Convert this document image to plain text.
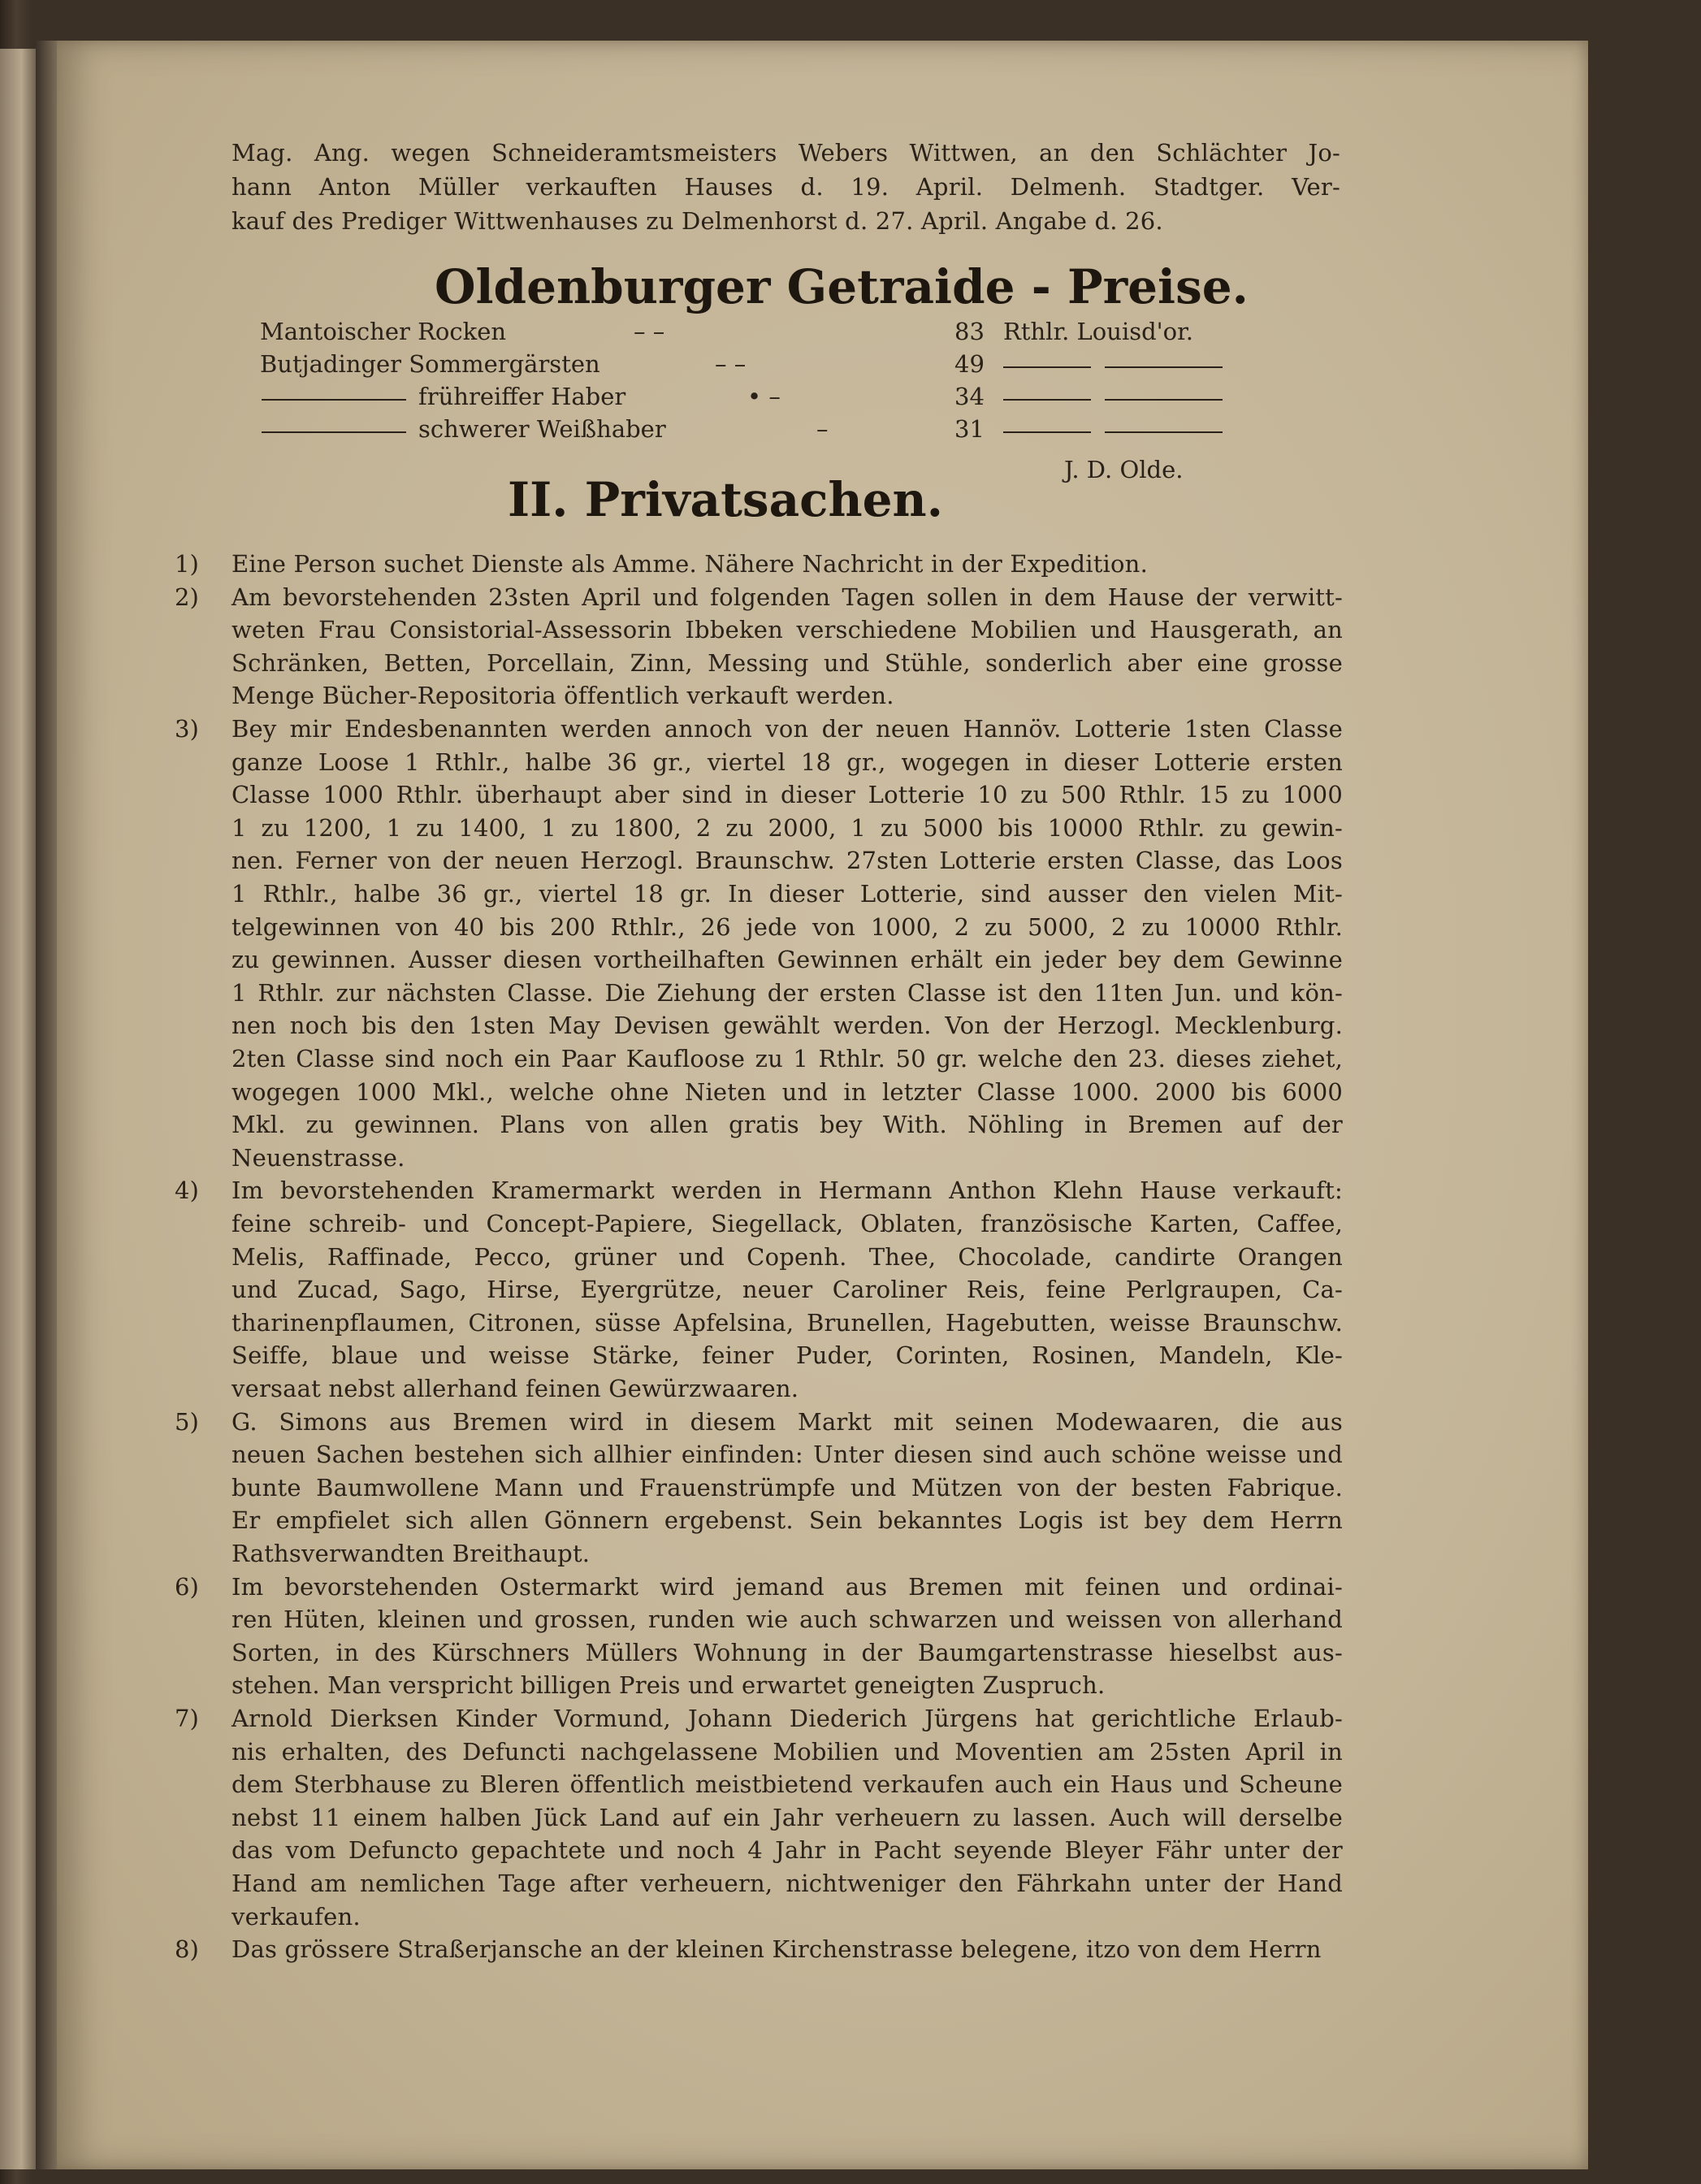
Mag. Ang. wegen Schneideramtsmeisters Webers Wittwen, an den Schlächter Jo-
hann Anton Müller verkauften Hauses d. 19. April. Delmenh. Stadtger. Ver-
kauf des Prediger Wittwenhauses zu Delmenhorst d. 27. April. Angabe d. 26.
Oldenburger Getraide - Preise.
Mantoischer Rocken	– –	83 Rthlr. Louisd'or.
Butjadinger Sommergärsten	– –	49
frühreiffer Haber	• –	34
schwerer Weißhaber	–	31
J. D. Olde.
II. Privatsachen.
1) Eine Person suchet Dienste als Amme. Nähere Nachricht in der Expedition.
2) Am bevorstehenden 23sten April und folgenden Tagen sollen in dem Hause der verwitt-
weten Frau Consistorial-Assessorin Ibbeken verschiedene Mobilien und Hausgerath, an
Schränken, Betten, Porcellain, Zinn, Messing und Stühle, sonderlich aber eine grosse
Menge Bücher-Repositoria öffentlich verkauft werden.
3) Bey mir Endesbenannten werden annoch von der neuen Hannöv. Lotterie 1sten Classe
ganze Loose 1 Rthlr., halbe 36 gr., viertel 18 gr., wogegen in dieser Lotterie ersten
Classe 1000 Rthlr. überhaupt aber sind in dieser Lotterie 10 zu 500 Rthlr. 15 zu 1000
1 zu 1200, 1 zu 1400, 1 zu 1800, 2 zu 2000, 1 zu 5000 bis 10000 Rthlr. zu gewin-
nen. Ferner von der neuen Herzogl. Braunschw. 27sten Lotterie ersten Classe, das Loos
1 Rthlr., halbe 36 gr., viertel 18 gr. In dieser Lotterie, sind ausser den vielen Mit-
telgewinnen von 40 bis 200 Rthlr., 26 jede von 1000, 2 zu 5000, 2 zu 10000 Rthlr.
zu gewinnen. Ausser diesen vortheilhaften Gewinnen erhält ein jeder bey dem Gewinne
1 Rthlr. zur nächsten Classe. Die Ziehung der ersten Classe ist den 11ten Jun. und kön-
nen noch bis den 1sten May Devisen gewählt werden. Von der Herzogl. Mecklenburg.
2ten Classe sind noch ein Paar Kaufloose zu 1 Rthlr. 50 gr. welche den 23. dieses ziehet,
wogegen 1000 Mkl., welche ohne Nieten und in letzter Classe 1000. 2000 bis 6000
Mkl. zu gewinnen. Plans von allen gratis bey With. Nöhling in Bremen auf der
Neuenstrasse.
4) Im bevorstehenden Kramermarkt werden in Hermann Anthon Klehn Hause verkauft:
feine schreib- und Concept-Papiere, Siegellack, Oblaten, französische Karten, Caffee,
Melis, Raffinade, Pecco, grüner und Copenh. Thee, Chocolade, candirte Orangen
und Zucad, Sago, Hirse, Eyergrütze, neuer Caroliner Reis, feine Perlgraupen, Ca-
tharinenpflaumen, Citronen, süsse Apfelsina, Brunellen, Hagebutten, weisse Braunschw.
Seiffe, blaue und weisse Stärke, feiner Puder, Corinten, Rosinen, Mandeln, Kle-
versaat nebst allerhand feinen Gewürzwaaren.
5) G. Simons aus Bremen wird in diesem Markt mit seinen Modewaaren, die aus
neuen Sachen bestehen sich allhier einfinden: Unter diesen sind auch schöne weisse und
bunte Baumwollene Mann und Frauenstrümpfe und Mützen von der besten Fabrique.
Er empfielet sich allen Gönnern ergebenst. Sein bekanntes Logis ist bey dem Herrn
Rathsverwandten Breithaupt.
6) Im bevorstehenden Ostermarkt wird jemand aus Bremen mit feinen und ordinai-
ren Hüten, kleinen und grossen, runden wie auch schwarzen und weissen von allerhand
Sorten, in des Kürschners Müllers Wohnung in der Baumgartenstrasse hieselbst aus-
stehen. Man verspricht billigen Preis und erwartet geneigten Zuspruch.
7) Arnold Dierksen Kinder Vormund, Johann Diederich Jürgens hat gerichtliche Erlaub-
nis erhalten, des Defuncti nachgelassene Mobilien und Moventien am 25sten April in
dem Sterbhause zu Bleren öffentlich meistbietend verkaufen auch ein Haus und Scheune
nebst 11 einem halben Jück Land auf ein Jahr verheuern zu lassen. Auch will derselbe
das vom Defuncto gepachtete und noch 4 Jahr in Pacht seyende Bleyer Fähr unter der
Hand am nemlichen Tage after verheuern, nichtweniger den Fährkahn unter der Hand
verkaufen.
8) Das grössere Straßerjansche an der kleinen Kirchenstrasse belegene, itzo von dem Herrn
